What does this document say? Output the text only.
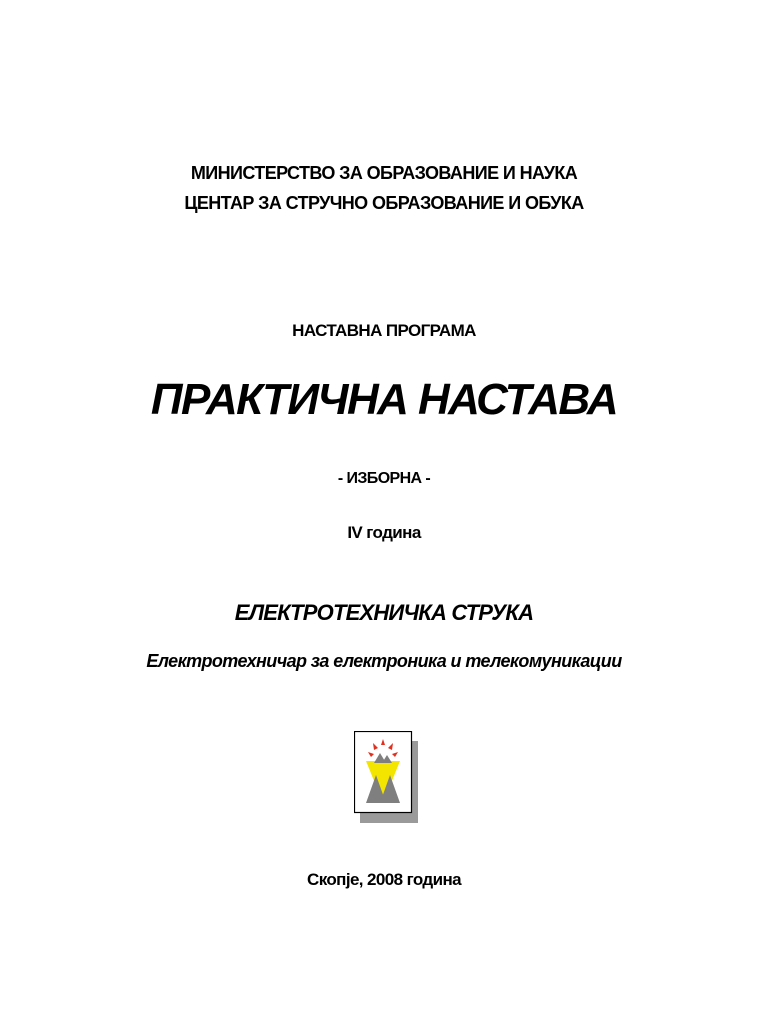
МИНИСТЕРСТВО ЗА ОБРАЗОВАНИЕ И НАУКА
ЦЕНТАР ЗА СТРУЧНО ОБРАЗОВАНИЕ И ОБУКА
НАСТАВНА ПРОГРАМА
ПРАКТИЧНА НАСТАВА
- ИЗБОРНА -
IV година
ЕЛЕКТРОТЕХНИЧКА СТРУКА
Електротехничар за електроника и телекомуникации
Скопје, 2008 година
